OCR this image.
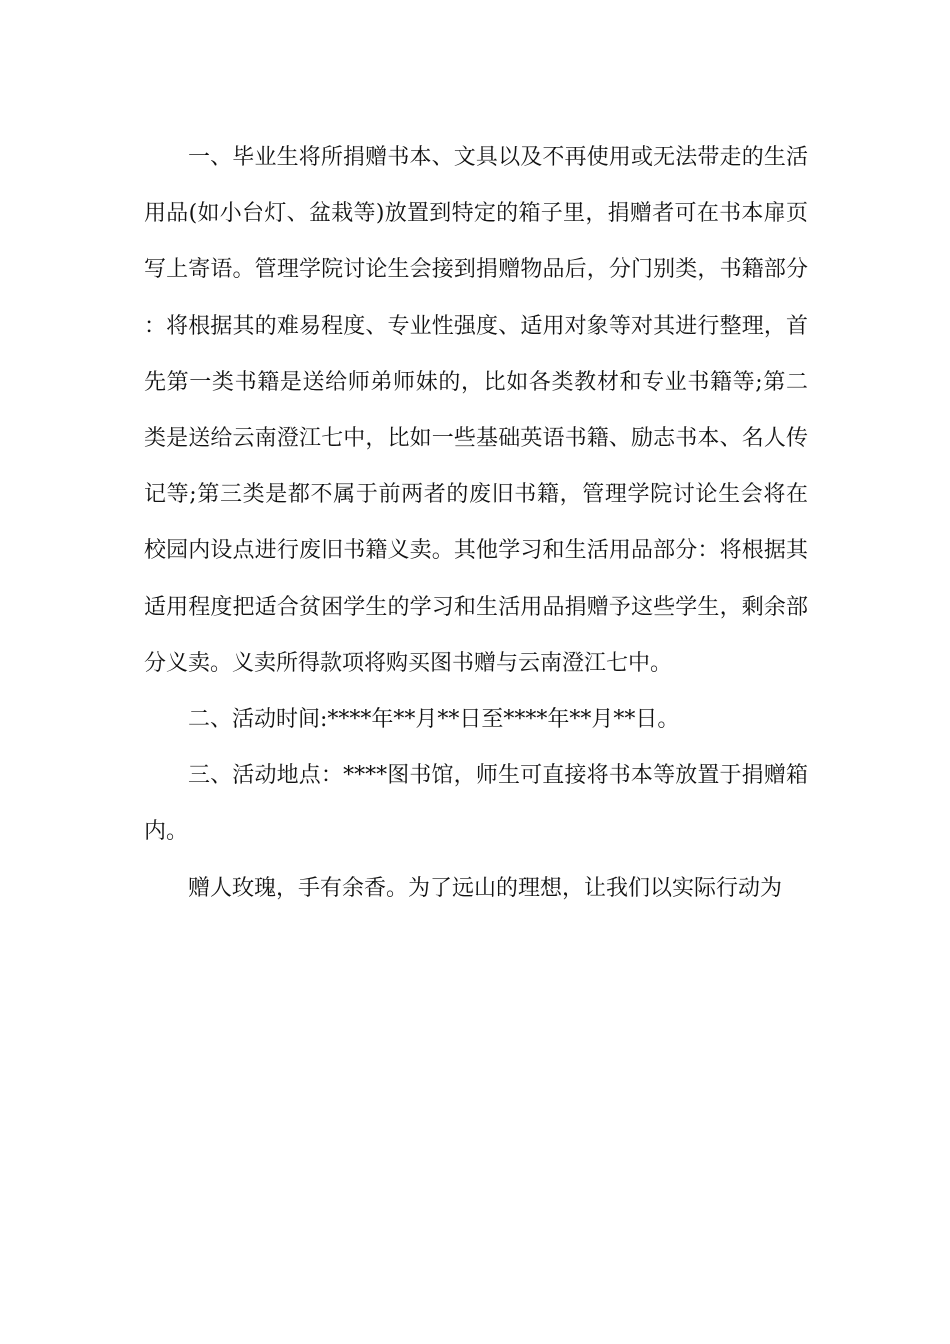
一、毕业生将所捐赠书本、文具以及不再使用或无法带走的生活用品(如小台灯、盆栽等)放置到特定的箱子里，捐赠者可在书本扉页写上寄语。管理学院讨论生会接到捐赠物品后，分门别类，书籍部分：将根据其的难易程度、专业性强度、适用对象等对其进行整理，首先第一类书籍是送给师弟师妹的，比如各类教材和专业书籍等;第二类是送给云南澄江七中，比如一些基础英语书籍、励志书本、名人传记等;第三类是都不属于前两者的废旧书籍，管理学院讨论生会将在校园内设点进行废旧书籍义卖。其他学习和生活用品部分：将根据其适用程度把适合贫困学生的学习和生活用品捐赠予这些学生，剩余部分义卖。义卖所得款项将购买图书赠与云南澄江七中。

二、活动时间:****年**月**日至****年**月**日。

三、活动地点：****图书馆，师生可直接将书本等放置于捐赠箱内。

赠人玫瑰，手有余香。为了远山的理想，让我们以实际行动为
